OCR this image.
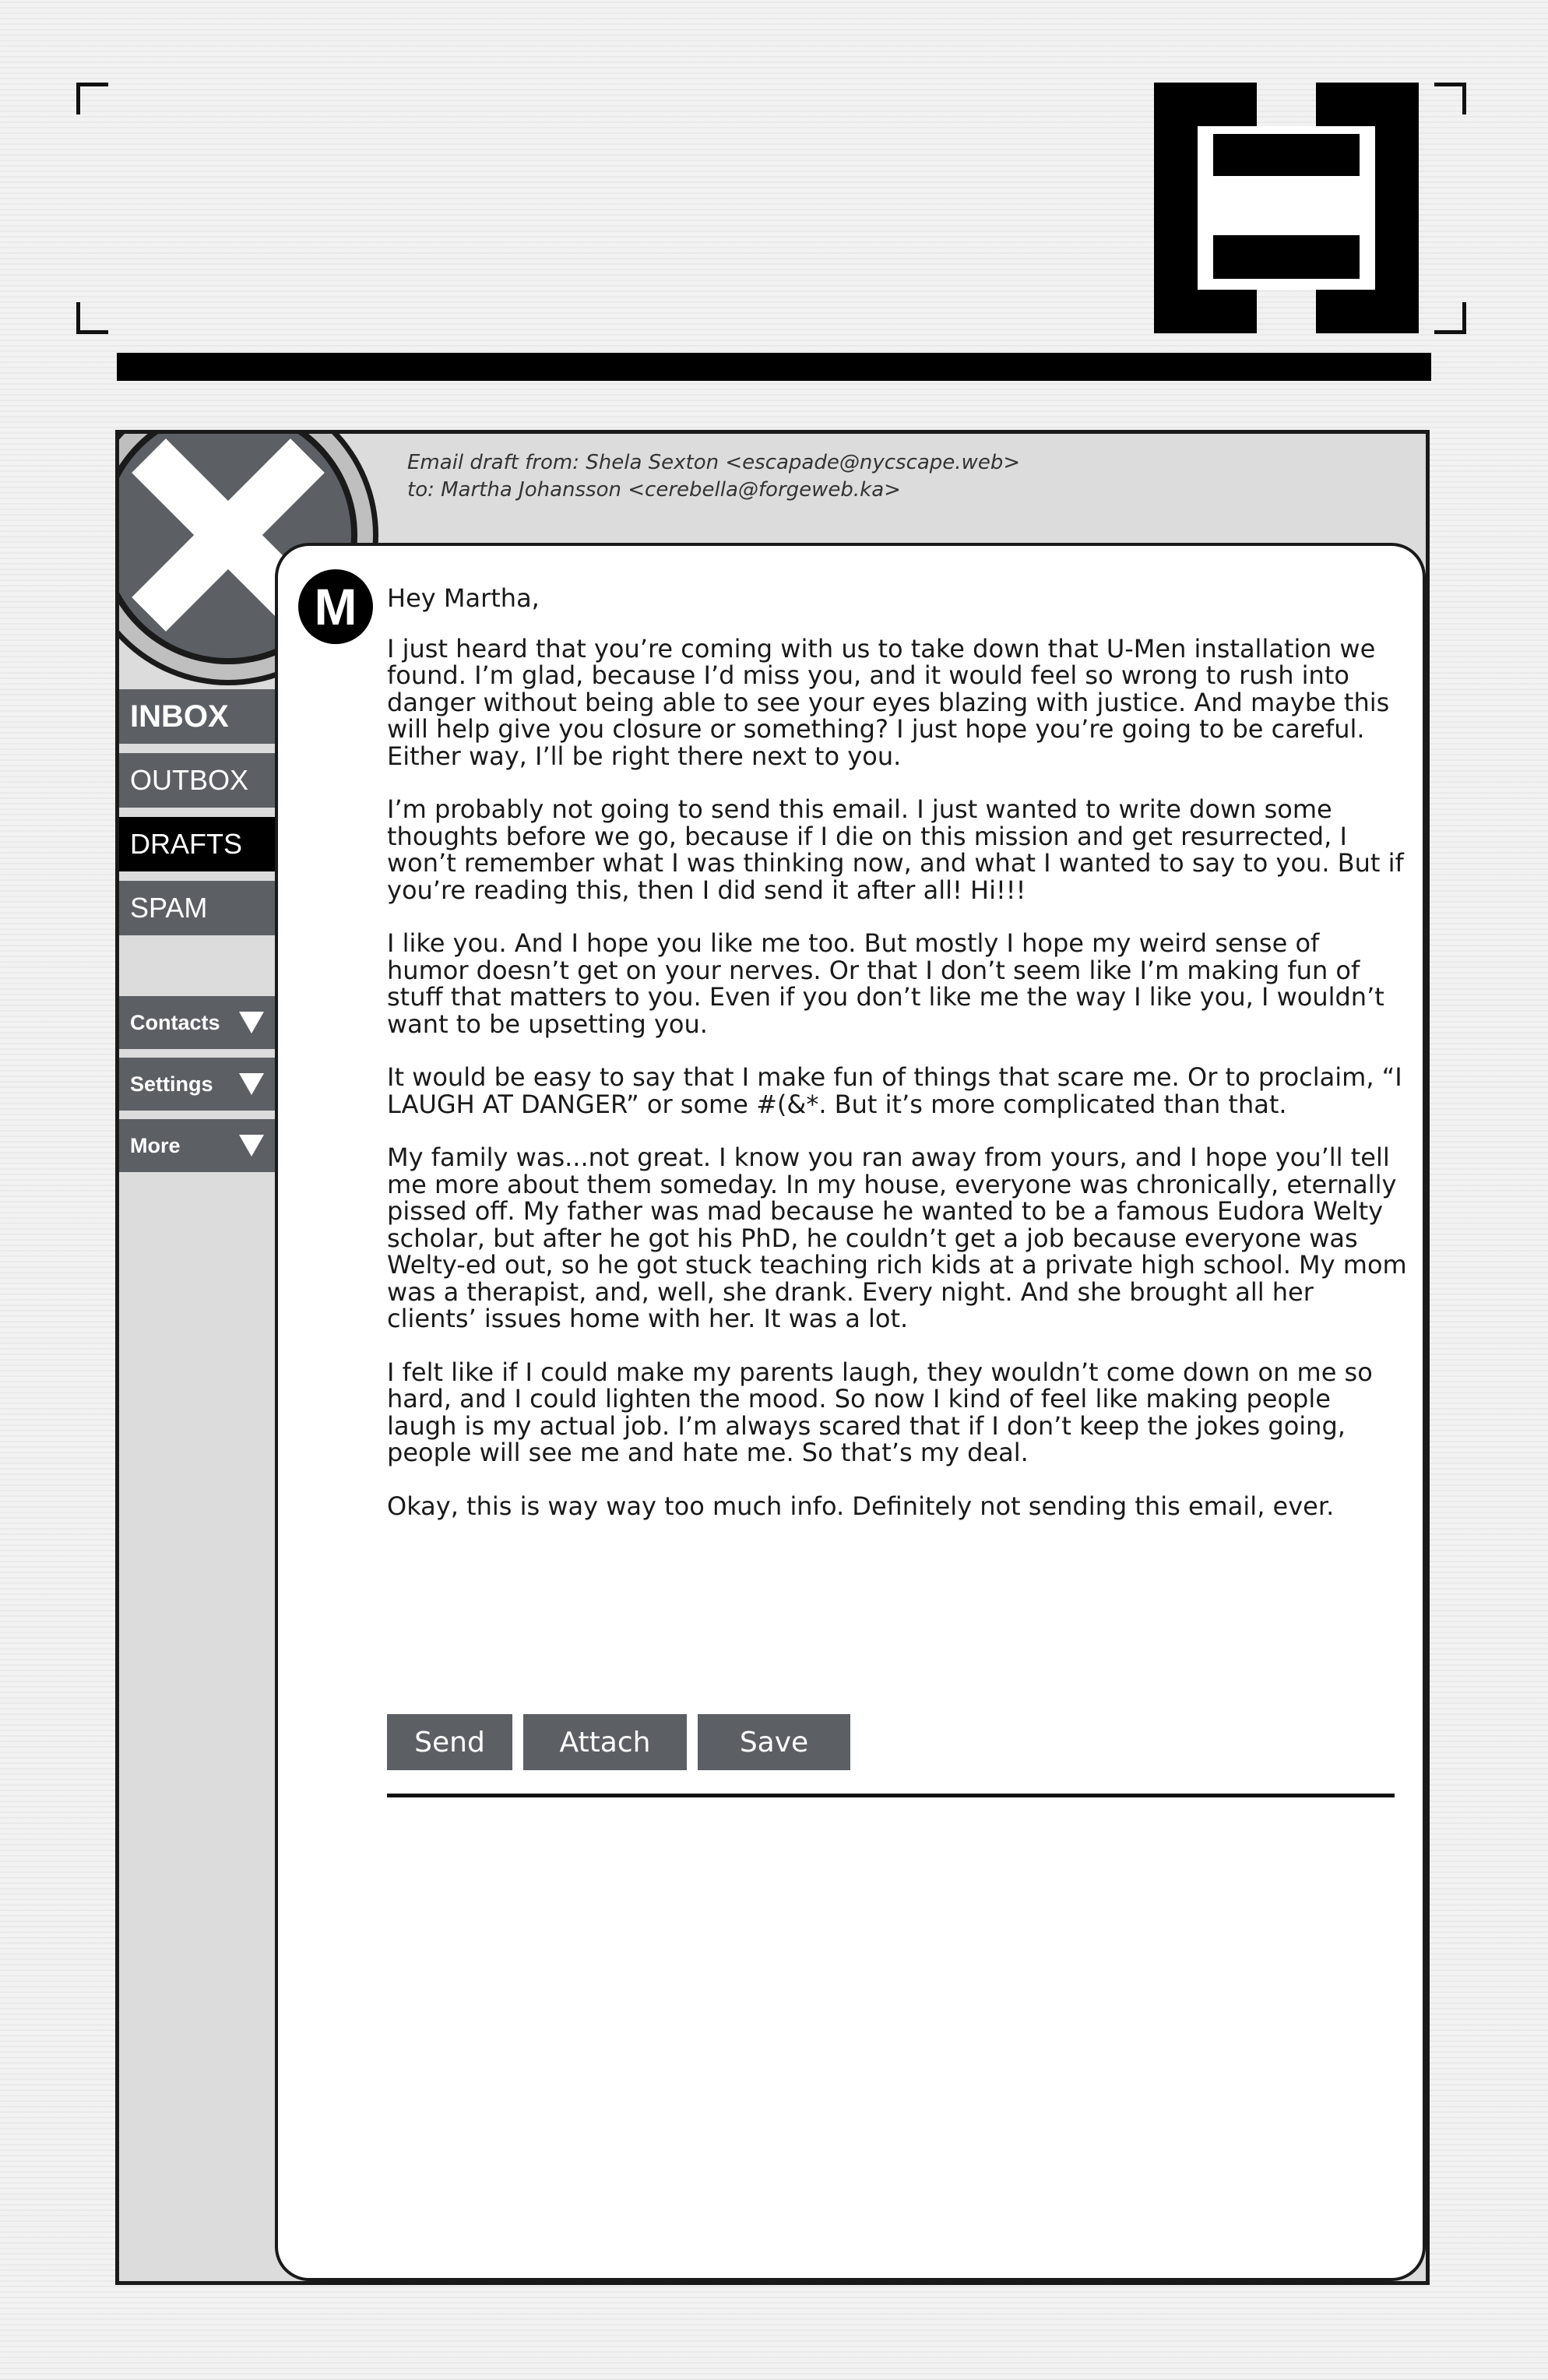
Email draft from: Shela Sexton <escapade@nycscape.web>
to: Martha Johansson <cerebella@forgeweb.ka>
INBOX
OUTBOX
DRAFTS
SPAM
Contacts
Settings
More
M	Hey Martha,

I just heard that you’re coming with us to take down that U-Men installation we found. I’m glad, because I’d miss you, and it would feel so wrong to rush into danger without being able to see your eyes blazing with justice. And maybe this will help give you closure or something? I just hope you’re going to be careful. Either way, I’ll be right there next to you.

I’m probably not going to send this email. I just wanted to write down some thoughts before we go, because if I die on this mission and get resurrected, I won’t remember what I was thinking now, and what I wanted to say to you. But if you’re reading this, then I did send it after all! Hi!!!

I like you. And I hope you like me too. But mostly I hope my weird sense of humor doesn’t get on your nerves. Or that I don’t seem like I’m making fun of stuff that matters to you. Even if you don’t like me the way I like you, I wouldn’t want to be upsetting you.

It would be easy to say that I make fun of things that scare me. Or to proclaim, “I LAUGH AT DANGER” or some #(&*. But it’s more complicated than that.

My family was...not great. I know you ran away from yours, and I hope you’ll tell me more about them someday. In my house, everyone was chronically, eternally pissed off. My father was mad because he wanted to be a famous Eudora Welty scholar, but after he got his PhD, he couldn’t get a job because everyone was Welty-ed out, so he got stuck teaching rich kids at a private high school. My mom was a therapist, and, well, she drank. Every night. And she brought all her clients’ issues home with her. It was a lot.

I felt like if I could make my parents laugh, they wouldn’t come down on me so hard, and I could lighten the mood. So now I kind of feel like making people laugh is my actual job. I’m always scared that if I don’t keep the jokes going, people will see me and hate me. So that’s my deal.

Okay, this is way way too much info. Definitely not sending this email, ever.

Send	Attach	Save
